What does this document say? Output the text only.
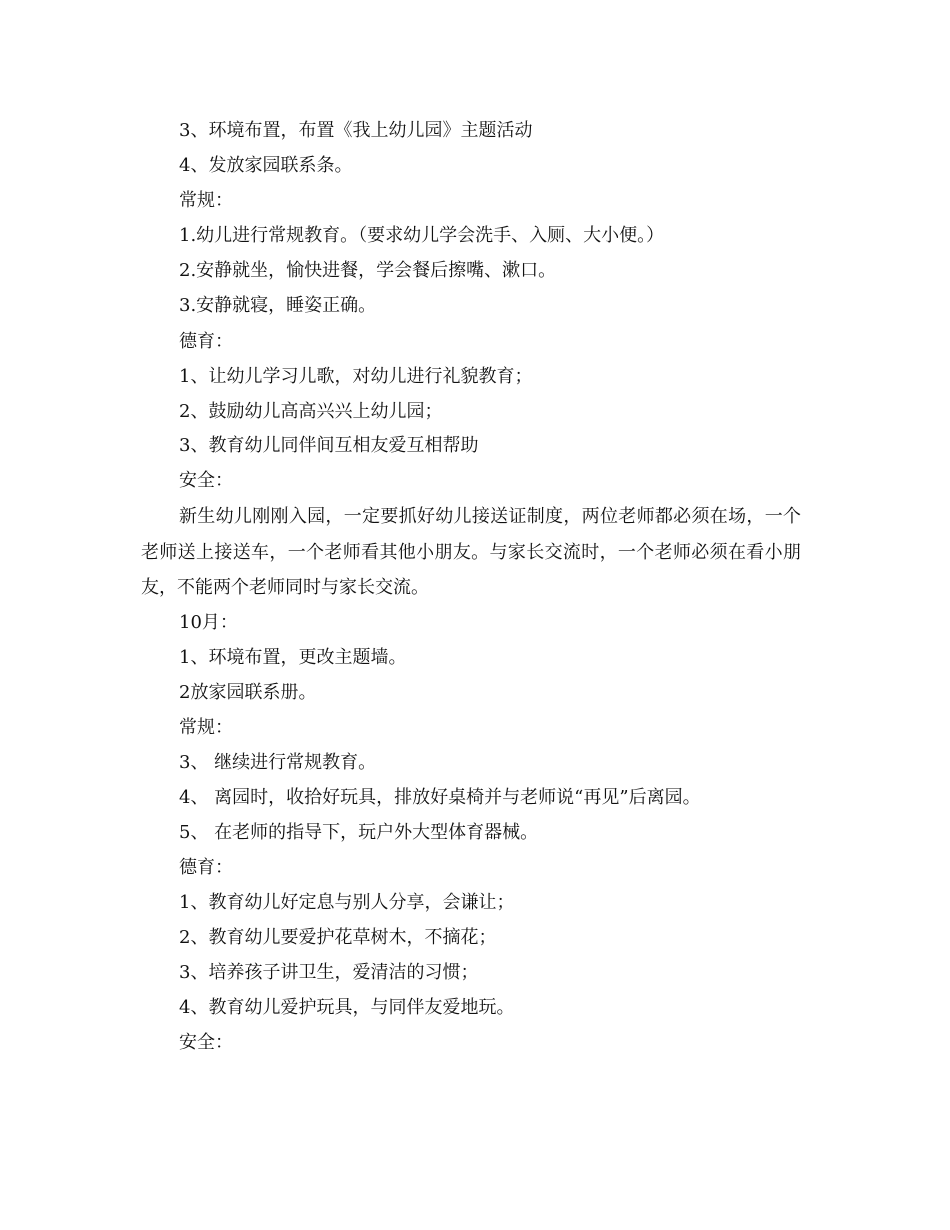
3、环境布置，布置《我上幼儿园》主题活动
4、发放家园联系条。
常规：
1.幼儿进行常规教育。（要求幼儿学会洗手、入厕、大小便。）
2.安静就坐，愉快进餐，学会餐后擦嘴、漱口。
3.安静就寝，睡姿正确。
德育：
1、让幼儿学习儿歌，对幼儿进行礼貌教育；
2、鼓励幼儿高高兴兴上幼儿园；
3、教育幼儿同伴间互相友爱互相帮助
安全：
新生幼儿刚刚入园，一定要抓好幼儿接送证制度，两位老师都必须在场，一个老师送上接送车，一个老师看其他小朋友。与家长交流时，一个老师必须在看小朋友，不能两个老师同时与家长交流。
10月：
1、环境布置，更改主题墙。
2放家园联系册。
常规：
3、 继续进行常规教育。
4、 离园时，收拾好玩具，排放好桌椅并与老师说“再见”后离园。
5、 在老师的指导下，玩户外大型体育器械。
德育：
1、教育幼儿好定息与别人分享，会谦让；
2、教育幼儿要爱护花草树木，不摘花；
3、培养孩子讲卫生，爱清洁的习惯；
4、教育幼儿爱护玩具，与同伴友爱地玩。
安全：
